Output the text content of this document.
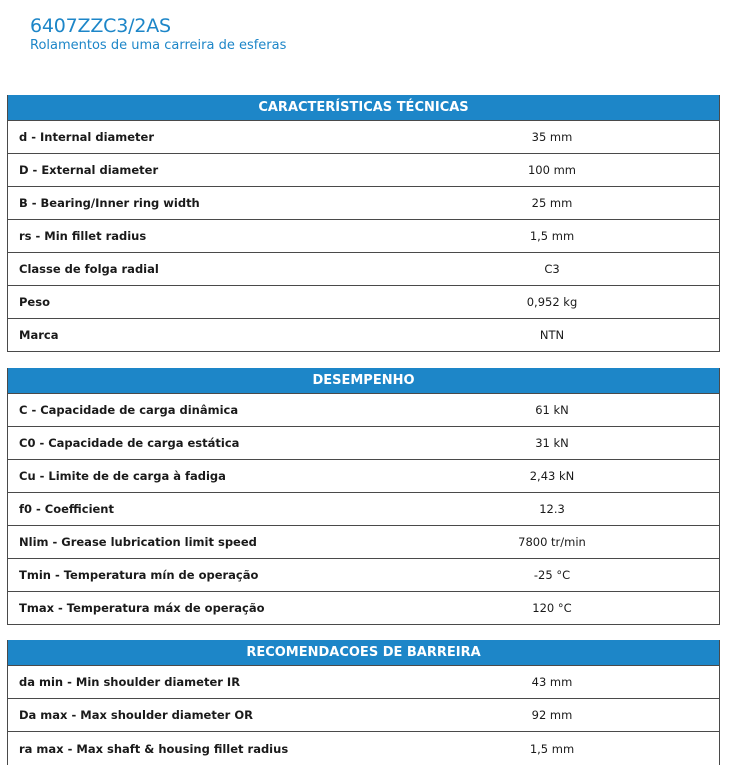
6407ZZC3/2AS
Rolamentos de uma carreira de esferas
CARACTERÍSTICAS TÉCNICAS
d - Internal diameter	35 mm
D - External diameter	100 mm
B - Bearing/Inner ring width	25 mm
rs - Min fillet radius	1,5 mm
Classe de folga radial	C3
Peso	0,952 kg
Marca	NTN
DESEMPENHO
C - Capacidade de carga dinâmica	61 kN
C0 - Capacidade de carga estática	31 kN
Cu - Limite de de carga à fadiga	2,43 kN
f0 - Coefficient	12.3
Nlim - Grease lubrication limit speed	7800 tr/min
Tmin - Temperatura mín de operação	-25 °C
Tmax - Temperatura máx de operação	120 °C
RECOMENDACOES DE BARREIRA
da min - Min shoulder diameter IR	43 mm
Da max - Max shoulder diameter OR	92 mm
ra max - Max shaft & housing fillet radius	1,5 mm
